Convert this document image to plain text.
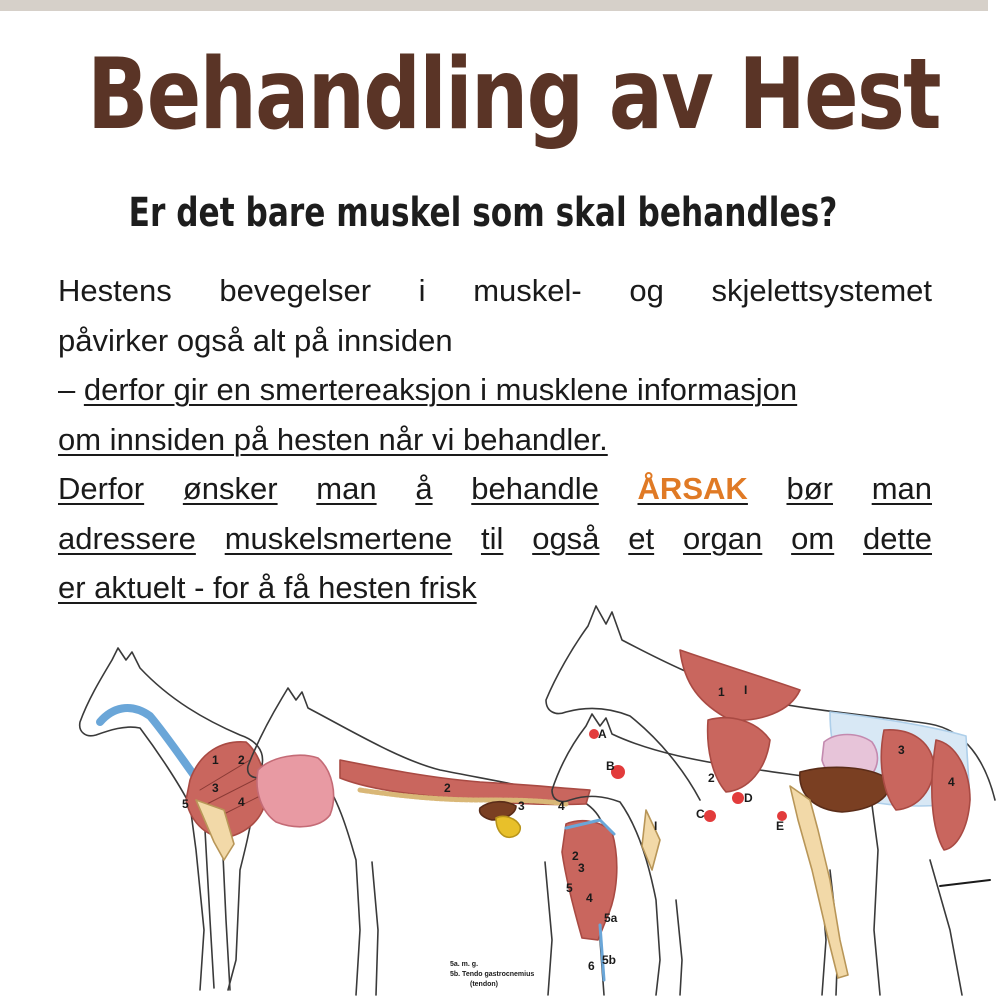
Behandling av Hest
Er det bare muskel som skal behandles?
Hestens bevegelser i muskel- og skjelettsystemet
påvirker også alt på innsiden
– derfor gir en smertereaksjon i musklene informasjon
om innsiden på hesten når vi behandler.
Derfor ønsker man å behandle ÅRSAK bør man
adressere muskelsmertene til også et organ om dette
er aktuelt - for å få hesten frisk
1 2
3
4
5
2
3	4
2
3
5
4
5a
5b
6
A
B
C
D
E
I
I
1
2
3
4
5a. m. g.
5b. Tendo gastrocnemius
(tendon)
